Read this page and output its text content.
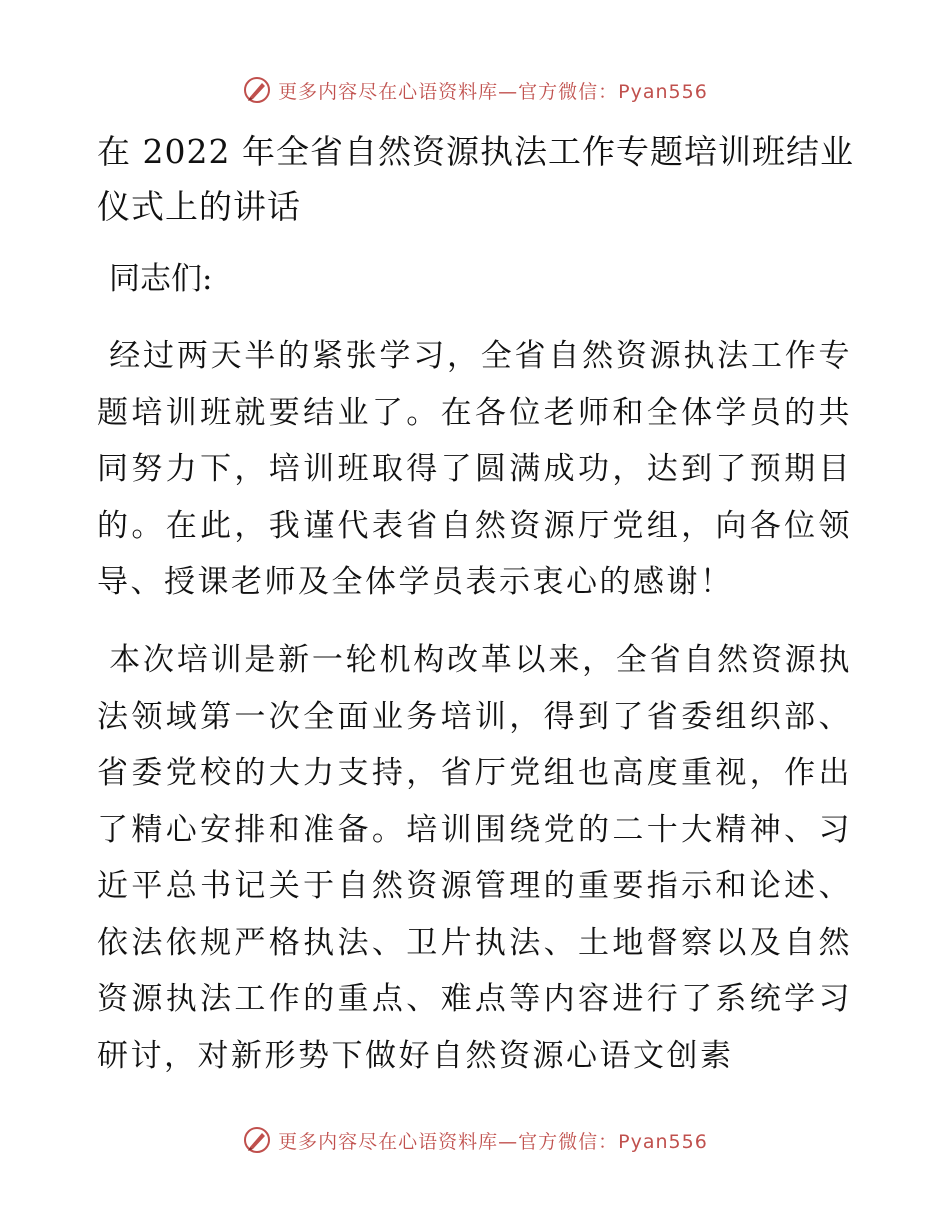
更多内容尽在心语资料库—官方微信：Pyan556
在 2022 年全省自然资源执法工作专题培训班结业仪式上的讲话

同志们:

经过两天半的紧张学习，全省自然资源执法工作专题培训班就要结业了。在各位老师和全体学员的共同努力下，培训班取得了圆满成功，达到了预期目的。在此，我谨代表省自然资源厅党组，向各位领导、授课老师及全体学员表示衷心的感谢！

本次培训是新一轮机构改革以来，全省自然资源执法领域第一次全面业务培训，得到了省委组织部、省委党校的大力支持，省厅党组也高度重视，作出了精心安排和准备。培训围绕党的二十大精神、习近平总书记关于自然资源管理的重要指示和论述、依法依规严格执法、卫片执法、土地督察以及自然资源执法工作的重点、难点等内容进行了系统学习研讨，对新形势下做好自然资源心语文创素

更多内容尽在心语资料库—官方微信：Pyan556
